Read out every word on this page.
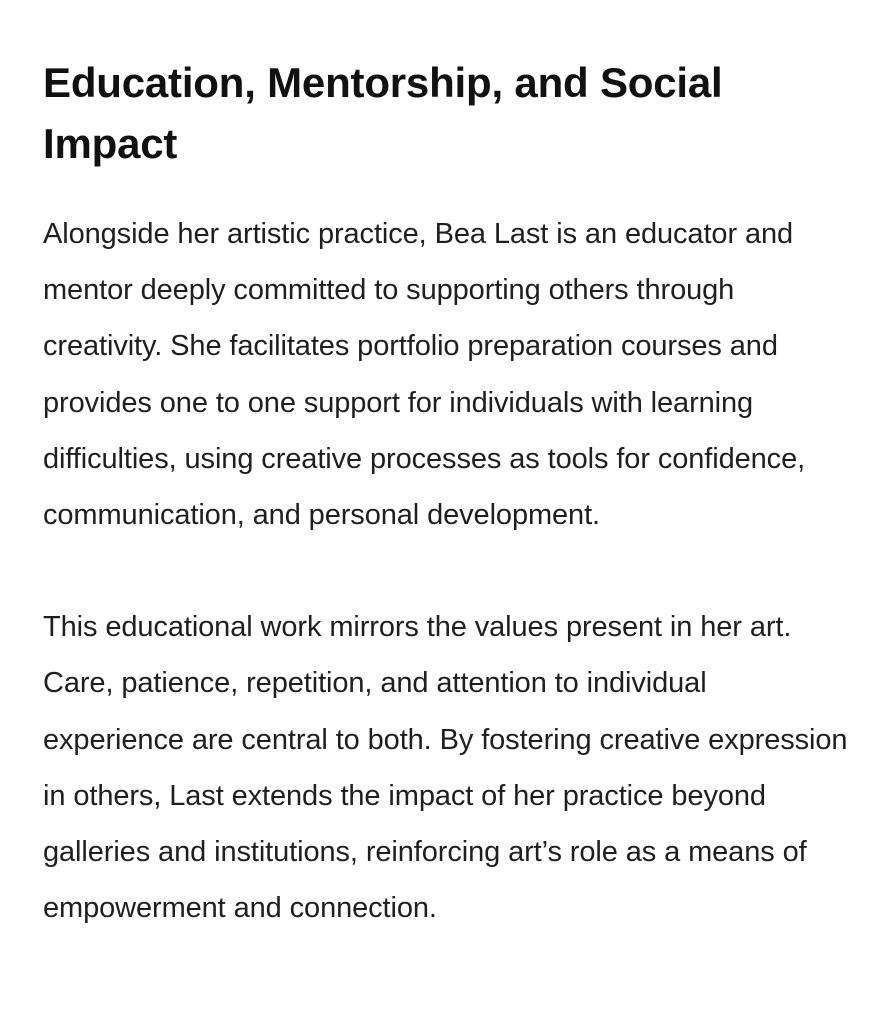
Education, Mentorship, and Social Impact

Alongside her artistic practice, Bea Last is an educator and mentor deeply committed to supporting others through creativity. She facilitates portfolio preparation courses and provides one to one support for individuals with learning difficulties, using creative processes as tools for confidence, communication, and personal development.

This educational work mirrors the values present in her art. Care, patience, repetition, and attention to individual experience are central to both. By fostering creative expression in others, Last extends the impact of her practice beyond galleries and institutions, reinforcing art’s role as a means of empowerment and connection.
